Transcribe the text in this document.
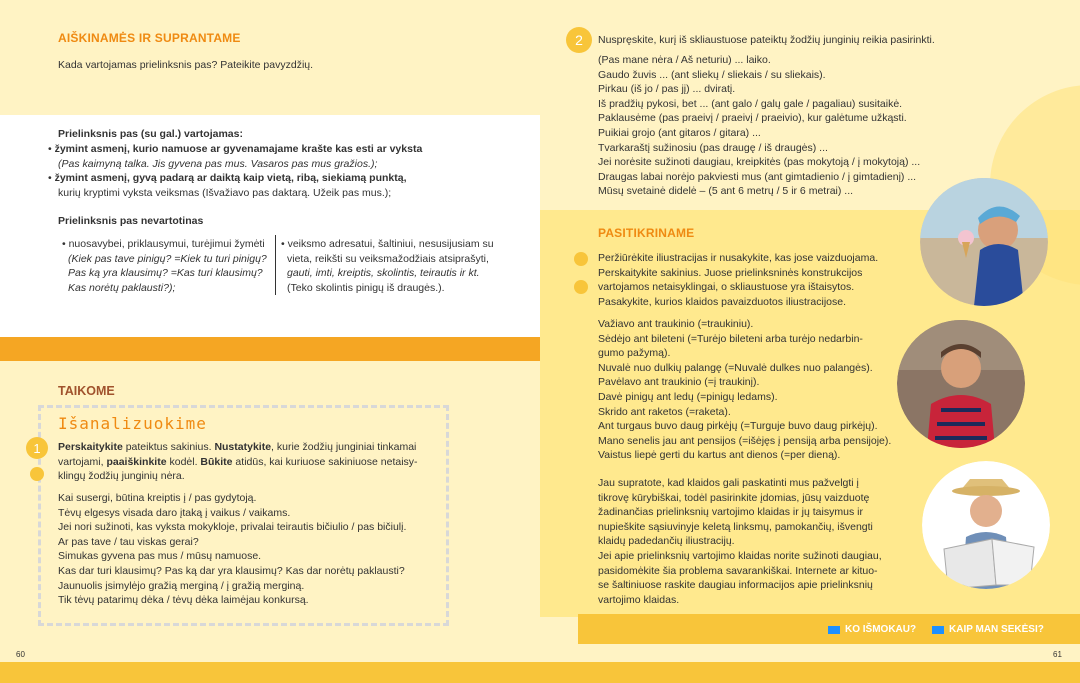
AIŠKINAMĖS IR SUPRANTAME
Kada vartojamas prielinksnis pas? Pateikite pavyzdžių.
Prielinksnis pas (su gal.) vartojamas:
• žymint asmenį, kurio namuose ar gyvenamajame krašte kas esti ar vyksta
(Pas kaimyną talka. Jis gyvena pas mus. Vasaros pas mus gražios.);
• žymint asmenį, gyvą padarą ar daiktą kaip vietą, ribą, siekiamą punktą,
kurių kryptimi vyksta veiksmas (Išvažiavo pas daktarą. Užeik pas mus.);
Prielinksnis pas nevartotinas
• nuosavybei, priklausymui, turėjimui žymėti
(Kiek pas tave pinigų? =Kiek tu turi pinigų?
Pas ką yra klausimų? =Kas turi klausimų?
Kas norėtų paklausti?);
• veiksmo adresatui, šaltiniui, nesusijusiam su
vieta, reikšti su veiksmažodžiais atsiprašyti,
gauti, imti, kreiptis, skolintis, teirautis ir kt.
(Teko skolintis pinigų iš draugės.).
TAIKOME
Išanalizuokime
1	Perskaitykite pateiktus sakinius. Nustatykite, kurie žodžių junginiai tinkamai
vartojami, paaiškinkite kodėl. Būkite atidūs, kai kuriuose sakiniuose netaisy-
klingų žodžių junginių nėra.
Kai susergi, būtina kreiptis į / pas gydytoją.
Tėvų elgesys visada daro įtaką į vaikus / vaikams.
Jei nori sužinoti, kas vyksta mokykloje, privalai teirautis bičiulio / pas bičiulį.
Ar pas tave / tau viskas gerai?
Simukas gyvena pas mus / mūsų namuose.
Kas dar turi klausimų? Pas ką dar yra klausimų? Kas dar norėtų paklausti?
Jaunuolis įsimylėjo gražią merginą / į gražią merginą.
Tik tėvų patarimų dėka / tėvų dėka laimėjau konkursą.
60
2	Nuspręskite, kurį iš skliaustuose pateiktų žodžių junginių reikia pasirinkti.
(Pas mane nėra / Aš neturiu) ... laiko.
Gaudo žuvis ... (ant sliekų / sliekais / su sliekais).
Pirkau (iš jo / pas jį) ... dviratį.
Iš pradžių pykosi, bet ... (ant galo / galų gale / pagaliau) susitaikė.
Paklausėme (pas praeivį / praeivį / praeivio), kur galėtume užkąsti.
Puikiai grojo (ant gitaros / gitara) ...
Tvarkaraštį sužinosiu (pas draugę / iš draugės) ...
Jei norėsite sužinoti daugiau, kreipkitės (pas mokytoją / į mokytoją) ...
Draugas labai norėjo pakviesti mus (ant gimtadienio / į gimtadienį) ...
Mūsų svetainė didelė – (5 ant 6 metrų / 5 ir 6 metrai) ...
PASITIKRINAME
Peržiūrėkite iliustracijas ir nusakykite, kas jose vaizduojama.
Perskaitykite sakinius. Juose prielinksninės konstrukcijos
vartojamos netaisyklingai, o skliaustuose yra ištaisytos.
Pasakykite, kurios klaidos pavaizduotos iliustracijose.
Važiavo ant traukinio (=traukiniu).
Sėdėjo ant bileteni (=Turėjo bileteni arba turėjo nedarbin-
gumo pažymą).
Nuvalė nuo dulkių palangę (=Nuvalė dulkes nuo palangės).
Pavėlavo ant traukinio (=į traukinį).
Davė pinigų ant ledų (=pinigų ledams).
Skrido ant raketos (=raketa).
Ant turgaus buvo daug pirkėjų (=Turguje buvo daug pirkėjų).
Mano senelis jau ant pensijos (=išėjęs į pensiją arba pensijoje).
Vaistus liepė gerti du kartus ant dienos (=per dieną).
Jau supratote, kad klaidos gali paskatinti mus pažvelgti į
tikrovę kūrybiškai, todėl pasirinkite įdomias, jūsų vaizduotę
žadinančias prielinksnių vartojimo klaidas ir jų taisymus ir
nupieškite sąsiuvinyje keletą linksmų, pamokančių, išvengti
klaidų padedančių iliustracijų.
Jei apie prielinksnių vartojimo klaidas norite sužinoti daugiau,
pasidomėkite šia problema savarankiškai. Internete ar kituo-
se šaltiniuose raskite daugiau informacijos apie prielinksnių
vartojimo klaidas.
KO IŠMOKAU?	KAIP MAN SEKĖSI?
61
